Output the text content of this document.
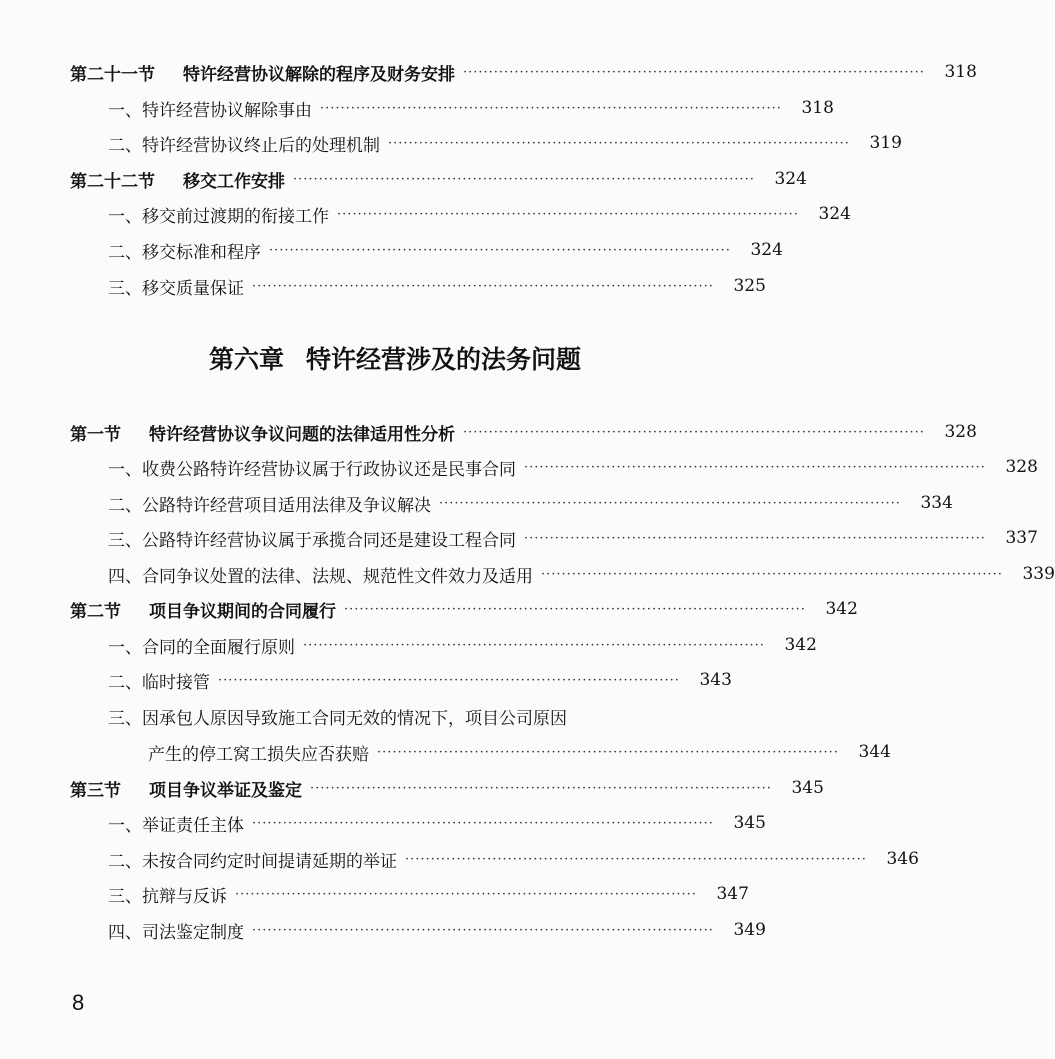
第二十一节 特许经营协议解除的程序及财务安排 ··························································································	318
一、特许经营协议解除事由 ··························································································	318
二、特许经营协议终止后的处理机制 ··························································································	319
第二十二节 移交工作安排 ··························································································	324
一、移交前过渡期的衔接工作 ··························································································	324
二、移交标准和程序 ··························································································	324
三、移交质量保证 ··························································································	325
第六章 特许经营涉及的法务问题
第一节 特许经营协议争议问题的法律适用性分析 ··························································································	328
一、收费公路特许经营协议属于行政协议还是民事合同 ··························································································	328
二、公路特许经营项目适用法律及争议解决 ··························································································	334
三、公路特许经营协议属于承揽合同还是建设工程合同 ··························································································	337
四、合同争议处置的法律、法规、规范性文件效力及适用 ··························································································	339
第二节 项目争议期间的合同履行 ··························································································	342
一、合同的全面履行原则 ··························································································	342
二、临时接管 ··························································································	343
三、因承包人原因导致施工合同无效的情况下，项目公司原因
产生的停工窝工损失应否获赔 ··························································································	344
第三节 项目争议举证及鉴定 ··························································································	345
一、举证责任主体 ··························································································	345
二、未按合同约定时间提请延期的举证 ··························································································	346
三、抗辩与反诉 ··························································································	347
四、司法鉴定制度 ··························································································	349
8
